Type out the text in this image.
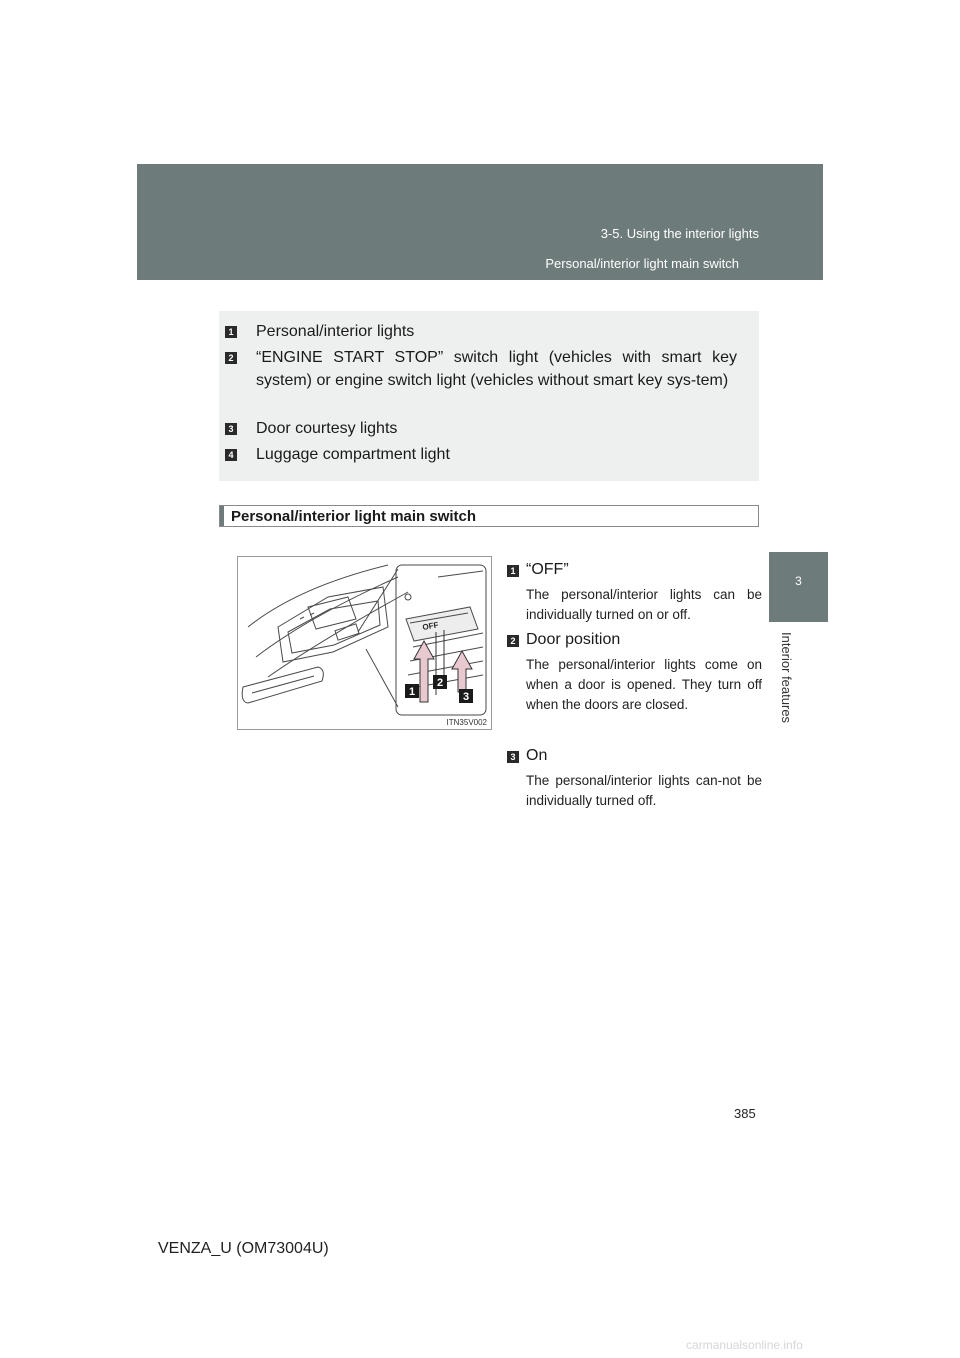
3-5. Using the interior lights
Personal/interior light main switch
3
Interior features
1 Personal/interior lights
2 “ENGINE START STOP” switch light (vehicles with smart key system) or engine switch light (vehicles without smart key sys-tem)
3 Door courtesy lights
4 Luggage compartment light
Personal/interior light main switch
OFF
1
2
3
ITN35V002
1 “OFF”
The personal/interior lights can be individually turned on or off.
2 Door position
The personal/interior lights come on when a door is opened. They turn off when the doors are closed.
3 On
The personal/interior lights can-not be individually turned off.
385
VENZA_U (OM73004U)
carmanualsonline.info
